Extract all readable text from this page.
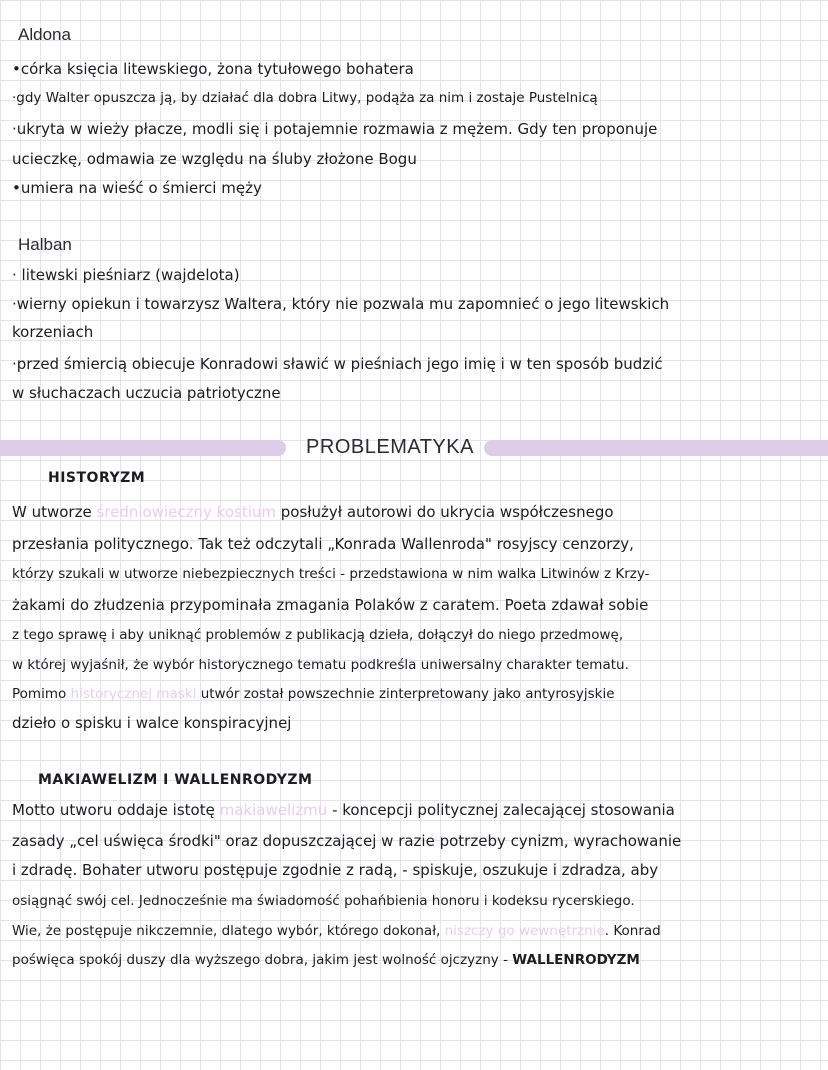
Aldona
•córka księcia litewskiego, żona tytułowego bohatera
·gdy Walter opuszcza ją, by działać dla dobra Litwy, podąża za nim i zostaje Pustelnicą
·ukryta w wieży płacze, modli się i potajemnie rozmawia z mężem. Gdy ten proponuje
ucieczkę, odmawia ze względu na śluby złożone Bogu
•umiera na wieść o śmierci męży
Halban
· litewski pieśniarz (wajdelota)
·wierny opiekun i towarzysz Waltera, który nie pozwala mu zapomnieć o jego litewskich
korzeniach
·przed śmiercią obiecuje Konradowi sławić w pieśniach jego imię i w ten sposób budzić
w słuchaczach uczucia patriotyczne
PROBLEMATYKA
HISTORYZM
W utworze średniowieczny kostium posłużył autorowi do ukrycia współczesnego
przesłania politycznego. Tak też odczytali „Konrada Wallenroda" rosyjscy cenzorzy,
którzy szukali w utworze niebezpiecznych treści - przedstawiona w nim walka Litwinów z Krzy-
żakami do złudzenia przypominała zmagania Polaków z caratem. Poeta zdawał sobie
z tego sprawę i aby uniknąć problemów z publikacją dzieła, dołączył do niego przedmowę,
w której wyjaśnił, że wybór historycznego tematu podkreśla uniwersalny charakter tematu.
Pomimo historycznej maski utwór został powszechnie zinterpretowany jako antyrosyjskie
dzieło o spisku i walce konspiracyjnej
MAKIAWELIZM I WALLENRODYZM
Motto utworu oddaje istotę makiawelizmu - koncepcji politycznej zalecającej stosowania
zasady „cel uświęca środki" oraz dopuszczającej w razie potrzeby cynizm, wyrachowanie
i zdradę. Bohater utworu postępuje zgodnie z radą, - spiskuje, oszukuje i zdradza, aby
osiągnąć swój cel. Jednocześnie ma świadomość pohańbienia honoru i kodeksu rycerskiego.
Wie, że postępuje nikczemnie, dlatego wybór, którego dokonał, niszczy go wewnętrznie. Konrad
poświęca spokój duszy dla wyższego dobra, jakim jest wolność ojczyzny - WALLENRODYZM
